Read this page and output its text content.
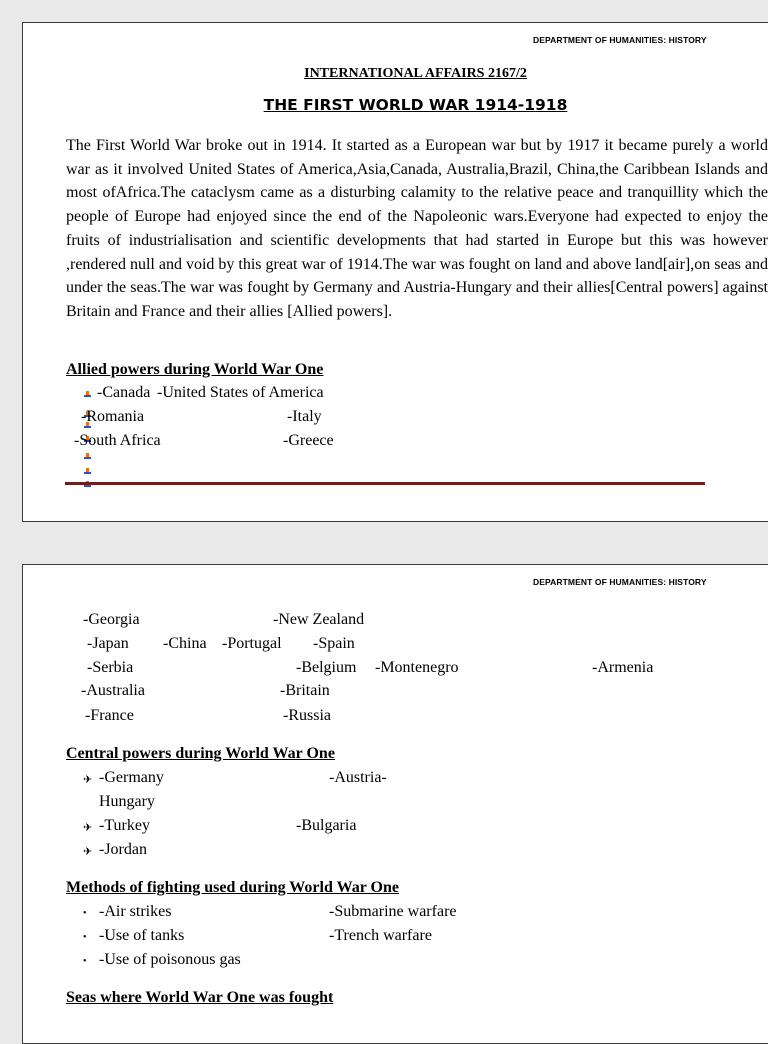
DEPARTMENT OF HUMANITIES: HISTORY
INTERNATIONAL AFFAIRS 2167/2
THE FIRST WORLD WAR 1914-1918

The First World War broke out in 1914. It started as a European war but by 1917 it became purely a world war as it involved United States of America,Asia,Canada, Australia,Brazil, China,the Caribbean Islands and most ofAfrica.The cataclysm came as a disturbing calamity to the relative peace and tranquillity which the people of Europe had enjoyed since the end of the Napoleonic wars.Everyone had expected to enjoy the fruits of industrialisation and scientific developments that had started in Europe but this was however ,rendered null and void by this great war of 1914.The war was fought on land and above land[air],on seas and under the seas.The war was fought by Germany and Austria-Hungary and their allies[Central powers] against Britain and France and their allies [Allied powers].

Allied powers during World War One
-Canada -United States of America
-Romania	-Italy
-South Africa	-Greece
DEPARTMENT OF HUMANITIES: HISTORY
-Georgia	-New Zealand
-Japan -China -Portugal -Spain
-Serbia	-Belgium -Montenegro	-Armenia
-Australia	-Britain
-France	-Russia
Central powers during World War One
✈ -Germany	-Austria-
Hungary
✈ -Turkey	-Bulgaria
✈ -Jordan
Methods of fighting used during World War One
• -Air strikes	-Submarine warfare
• -Use of tanks	-Trench warfare
• -Use of poisonous gas
Seas where World War One was fought
